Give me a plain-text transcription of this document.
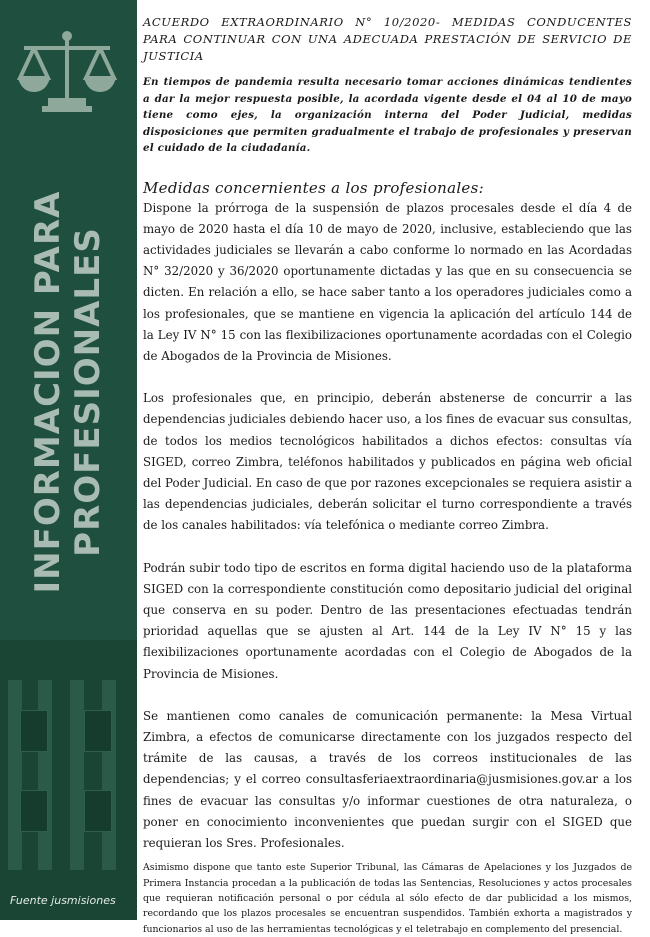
INFORMACION PARA PROFESIONALES
Fuente jusmisiones

ACUERDO EXTRAORDINARIO N° 10/2020- MEDIDAS CONDUCENTES PARA CONTINUAR CON UNA ADECUADA PRESTACIÓN DE SERVICIO DE JUSTICIA

En tiempos de pandemia resulta necesario tomar acciones dinámicas tendientes a dar la mejor respuesta posible, la acordada vigente desde el 04 al 10 de mayo tiene como ejes, la organización interna del Poder Judicial, medidas disposiciones que permiten gradualmente el trabajo de profesionales y preservan el cuidado de la ciudadanía.

Medidas concernientes a los profesionales:

Dispone la prórroga de la suspensión de plazos procesales desde el día 4 de mayo de 2020 hasta el día 10 de mayo de 2020, inclusive, estableciendo que las actividades judiciales se llevarán a cabo conforme lo normado en las Acordadas N° 32/2020 y 36/2020 oportunamente dictadas y las que en su consecuencia se dicten. En relación a ello, se hace saber tanto a los operadores judiciales como a los profesionales, que se mantiene en vigencia la aplicación del artículo 144 de la Ley IV N° 15 con las flexibilizaciones oportunamente acordadas con el Colegio de Abogados de la Provincia de Misiones.

Los profesionales que, en principio, deberán abstenerse de concurrir a las dependencias judiciales debiendo hacer uso, a los fines de evacuar sus consultas, de todos los medios tecnológicos habilitados a dichos efectos: consultas vía SIGED, correo Zimbra, teléfonos habilitados y publicados en página web oficial del Poder Judicial. En caso de que por razones excepcionales se requiera asistir a las dependencias judiciales, deberán solicitar el turno correspondiente a través de los canales habilitados: vía telefónica o mediante correo Zimbra.

Podrán subir todo tipo de escritos en forma digital haciendo uso de la plataforma SIGED con la correspondiente constitución como depositario judicial del original que conserva en su poder. Dentro de las presentaciones efectuadas tendrán prioridad aquellas que se ajusten al Art. 144 de la Ley IV N° 15 y las flexibilizaciones oportunamente acordadas con el Colegio de Abogados de la Provincia de Misiones.

Se mantienen como canales de comunicación permanente: la Mesa Virtual Zimbra, a efectos de comunicarse directamente con los juzgados respecto del trámite de las causas, a través de los correos institucionales de las dependencias; y el correo consultasferiaextraordinaria@jusmisiones.gov.ar a los fines de evacuar las consultas y/o informar cuestiones de otra naturaleza, o poner en conocimiento inconvenientes que puedan surgir con el SIGED que requieran los Sres. Profesionales.

Asimismo dispone que tanto este Superior Tribunal, las Cámaras de Apelaciones y los Juzgados de Primera Instancia procedan a la publicación de todas las Sentencias, Resoluciones y actos procesales que requieran notificación personal o por cédula al sólo efecto de dar publicidad a los mismos, recordando que los plazos procesales se encuentran suspendidos. También exhorta a magistrados y funcionarios al uso de las herramientas tecnológicas y el teletrabajo en complemento del presencial.
